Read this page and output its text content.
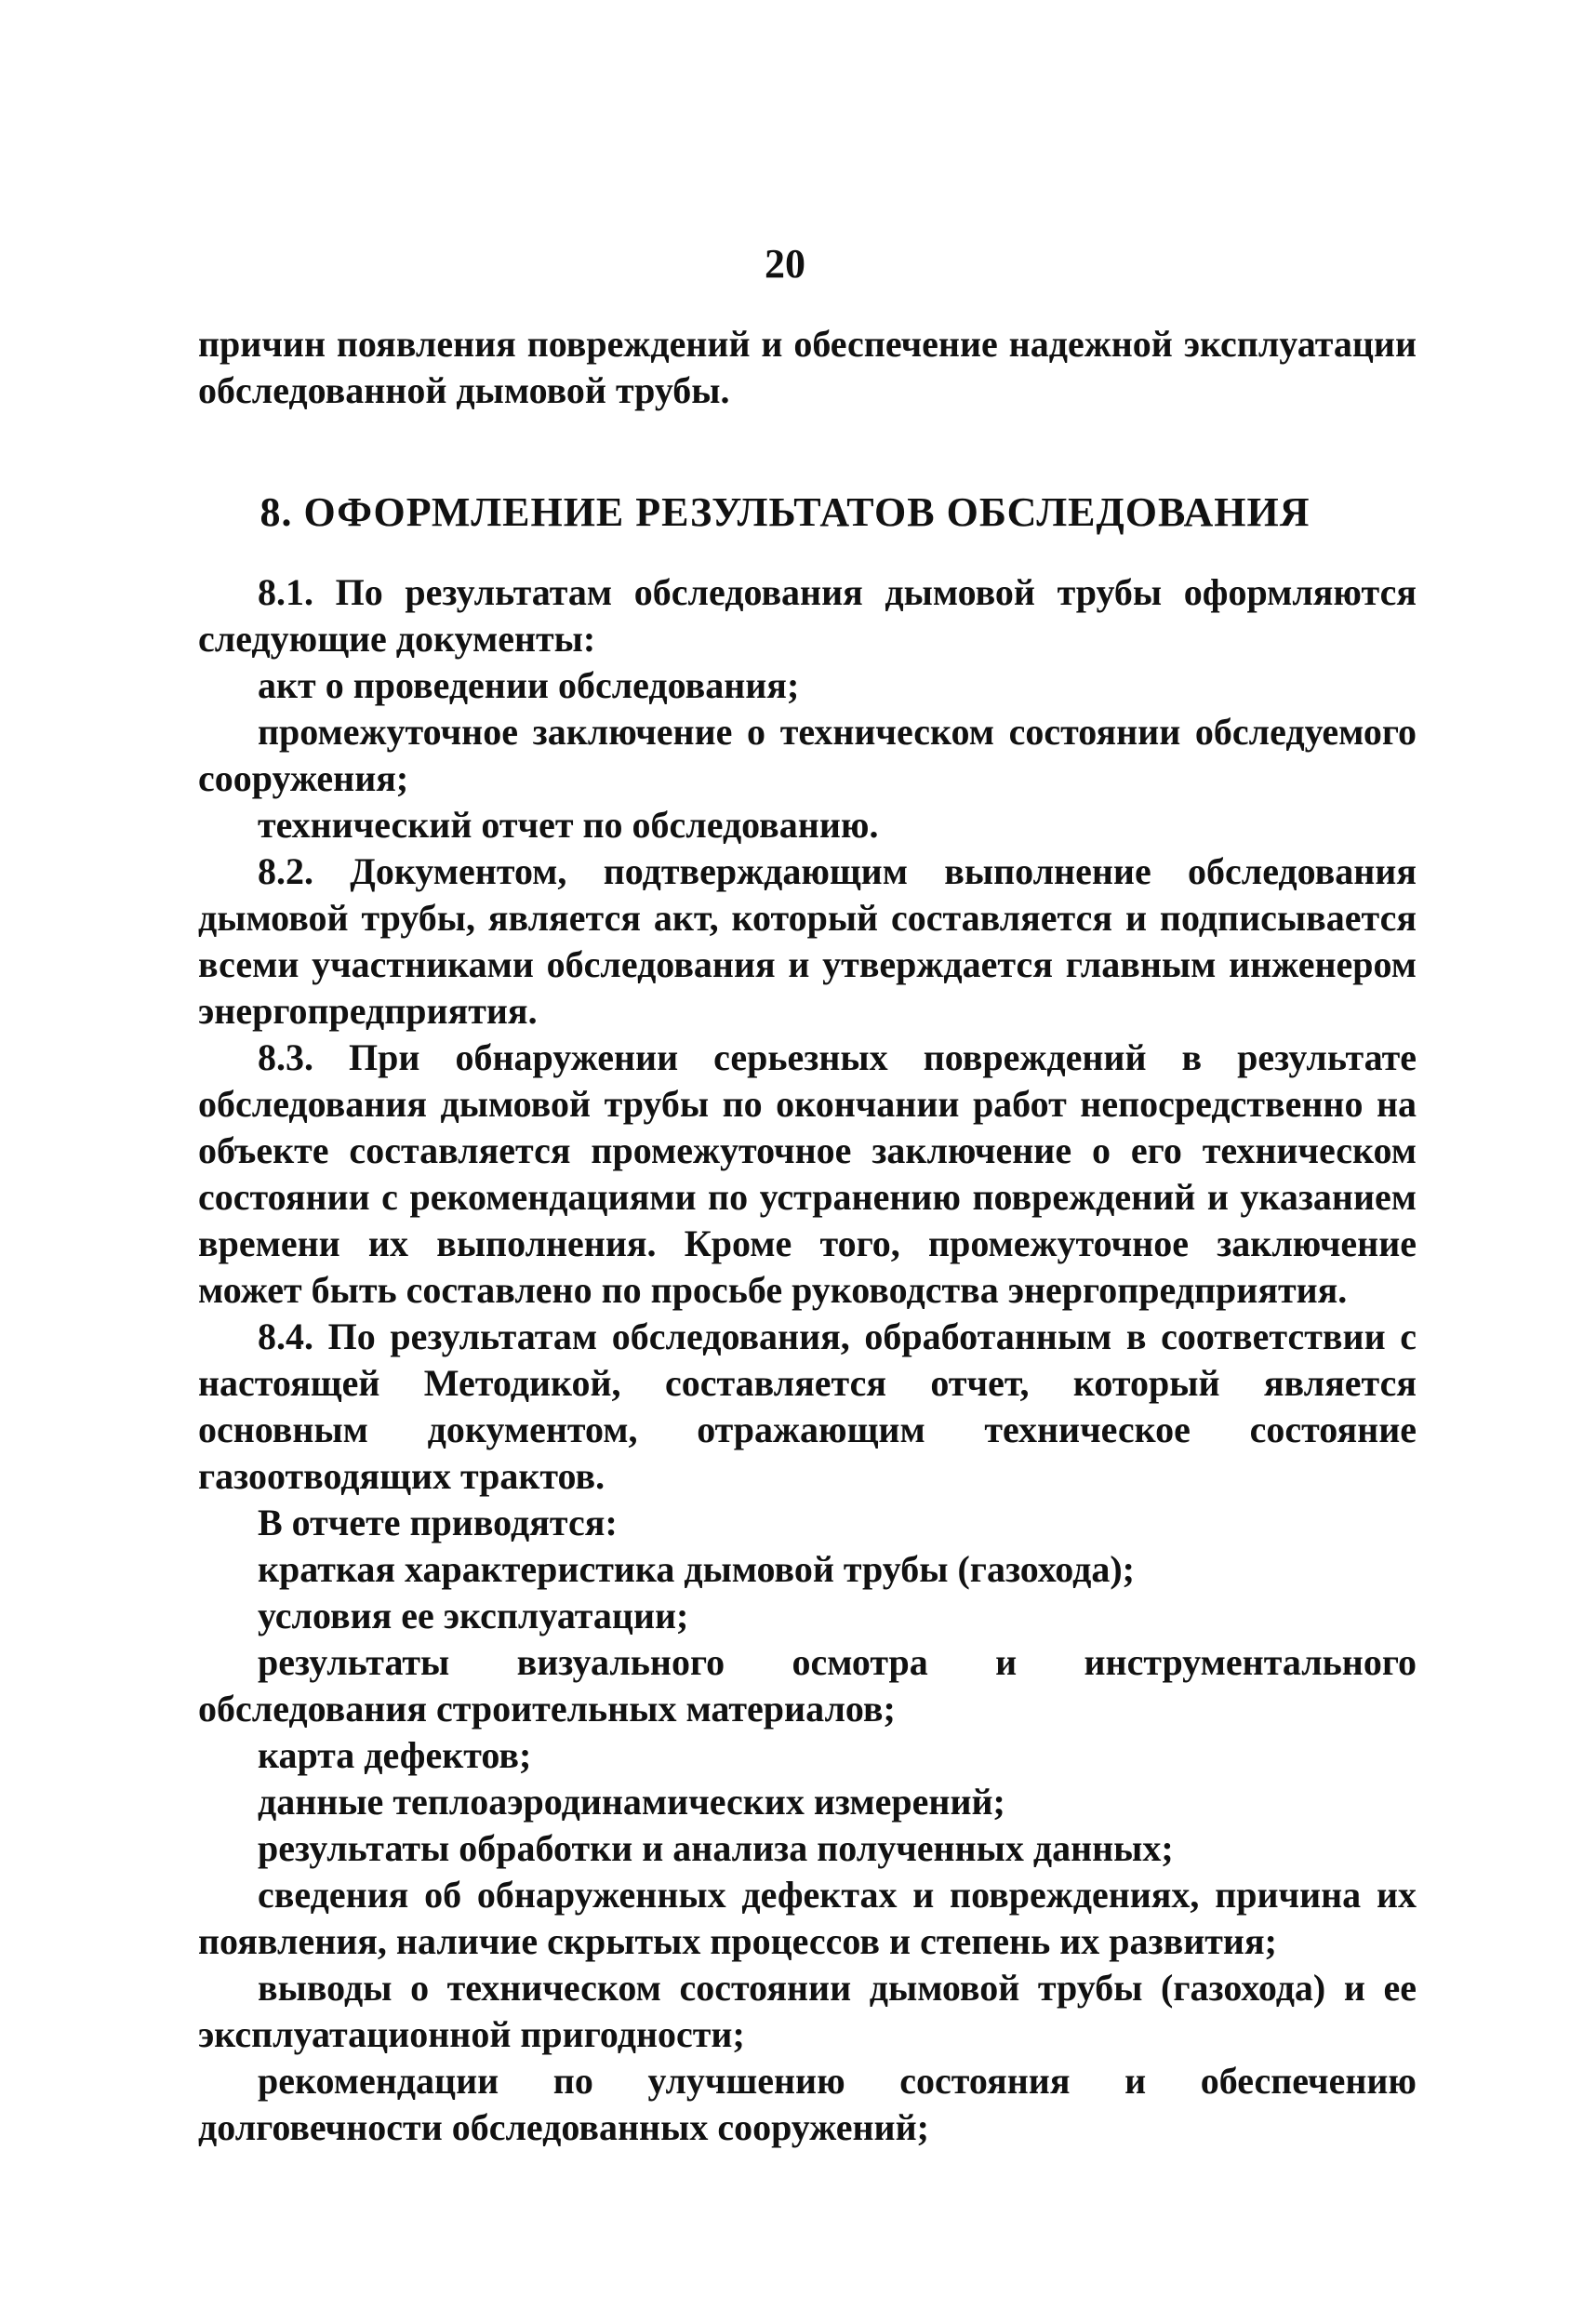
20

причин появления повреждений и обеспечение надежной эксплуатации обследованной дымовой трубы.

8. ОФОРМЛЕНИЕ РЕЗУЛЬТАТОВ ОБСЛЕДОВАНИЯ

8.1. По результатам обследования дымовой трубы оформляются следующие документы:

акт о проведении обследования;

промежуточное заключение о техническом состоянии обследуемого сооружения;

технический отчет по обследованию.

8.2. Документом, подтверждающим выполнение обследования дымовой трубы, является акт, который составляется и подписывается всеми участниками обследования и утверждается главным инженером энергопредприятия.

8.3. При обнаружении серьезных повреждений в результате обследования дымовой трубы по окончании работ непосредственно на объекте составляется промежуточное заключение о его техническом состоянии с рекомендациями по устранению повреждений и указанием времени их выполнения. Кроме того, промежуточное заключение может быть составлено по просьбе руководства энергопредприятия.

8.4. По результатам обследования, обработанным в соответствии с настоящей Методикой, составляется отчет, который является основным документом, отражающим техническое состояние газоотводящих трактов.

В отчете приводятся:

краткая характеристика дымовой трубы (газохода);

условия ее эксплуатации;

результаты визуального осмотра и инструментального обследования строительных материалов;

карта дефектов;

данные теплоаэродинамических измерений;

результаты обработки и анализа полученных данных;

сведения об обнаруженных дефектах и повреждениях, причина их появления, наличие скрытых процессов и степень их развития;

выводы о техническом состоянии дымовой трубы (газохода) и ее эксплуатационной пригодности;

рекомендации по улучшению состояния и обеспечению долговечности обследованных сооружений;
